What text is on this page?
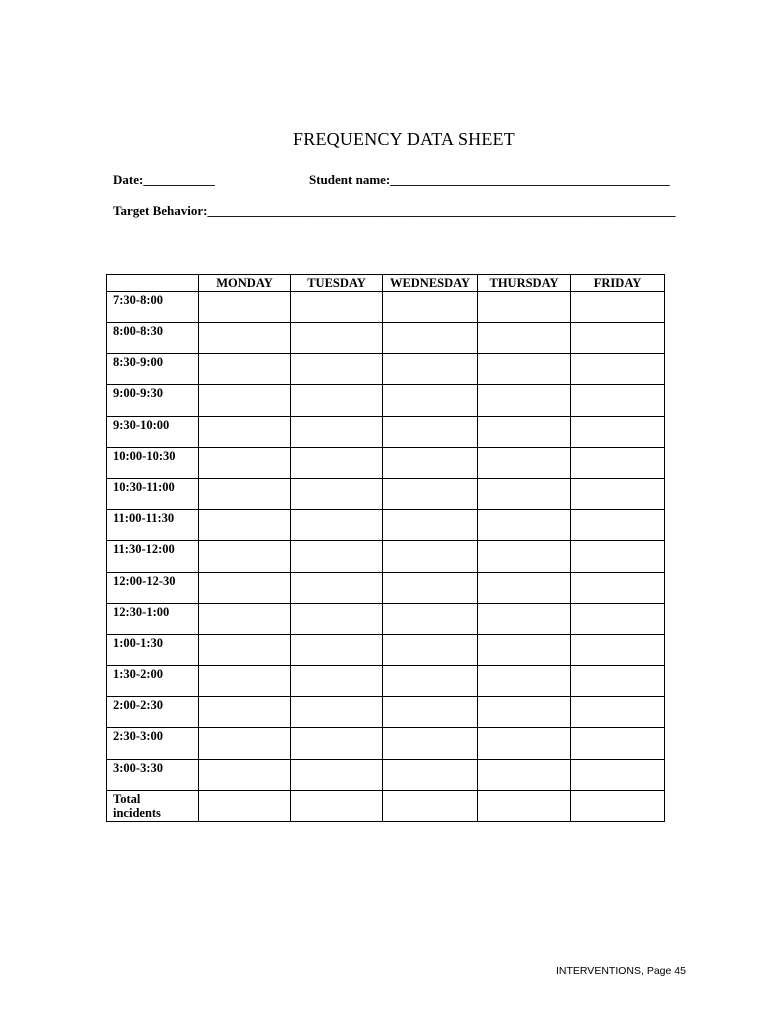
FREQUENCY DATA SHEET
Date:___________	Student name:___________________________________________
Target Behavior:________________________________________________________________________
	MONDAY	TUESDAY	WEDNESDAY	THURSDAY	FRIDAY
7:30-8:00					
8:00-8:30					
8:30-9:00					
9:00-9:30					
9:30-10:00					
10:00-10:30					
10:30-11:00					
11:00-11:30					
11:30-12:00					
12:00-12-30					
12:30-1:00					
1:00-1:30					
1:30-2:00					
2:00-2:30					
2:30-3:00					
3:00-3:30					
Total
incidents					
INTERVENTIONS, Page 45
